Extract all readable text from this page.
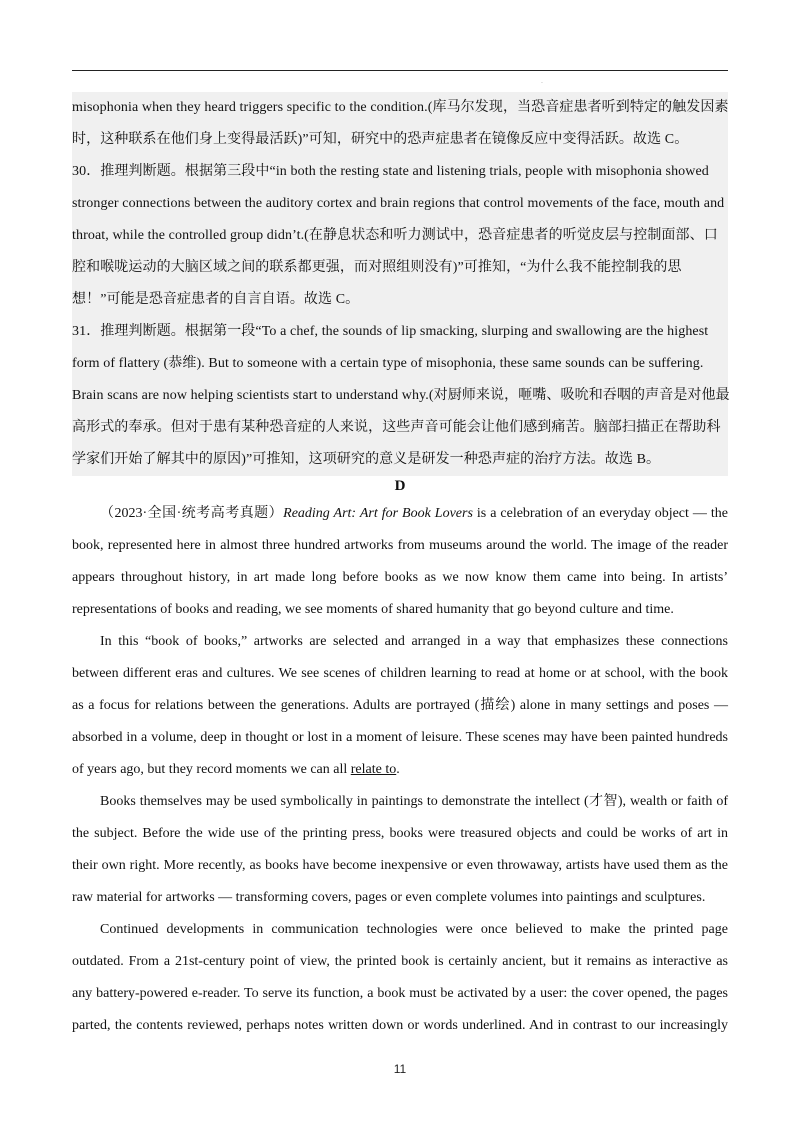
.

misophonia when they heard triggers specific to the condition.(库马尔发现，当恐音症患者听到特定的触发因素

时，这种联系在他们身上变得最活跃)”可知，研究中的恐声症患者在镜像反应中变得活跃。故选 C。

30．推理判断题。根据第三段中“in both the resting state and listening trials, people with misophonia showed

stronger connections between the auditory cortex and brain regions that control movements of the face, mouth and

throat, while the controlled group didn’t.(在静息状态和听力测试中，恐音症患者的听觉皮层与控制面部、口

腔和喉咙运动的大脑区域之间的联系都更强，而对照组则没有)”可推知，“为什么我不能控制我的思

想！”可能是恐音症患者的自言自语。故选 C。

31．推理判断题。根据第一段“To a chef, the sounds of lip smacking, slurping and swallowing are the highest

form of flattery (恭维). But to someone with a certain type of misophonia, these same sounds can be suffering.

Brain scans are now helping scientists start to understand why.(对厨师来说，咂嘴、吸吮和吞咽的声音是对他最

高形式的奉承。但对于患有某种恐音症的人来说，这些声音可能会让他们感到痛苦。脑部扫描正在帮助科

学家们开始了解其中的原因)”可推知，这项研究的意义是研发一种恐声症的治疗方法。故选 B。

D
（2023·全国·统考高考真题）Reading Art: Art for Book Lovers is a celebration of an everyday object — the
book, represented here in almost three hundred artworks from museums around the world. The image of the reader
appears throughout history, in art made long before books as we now know them came into being. In artists’
representations of books and reading, we see moments of shared humanity that go beyond culture and time.
In this “book of books,” artworks are selected and arranged in a way that emphasizes these connections
between different eras and cultures. We see scenes of children learning to read at home or at school, with the book
as a focus for relations between the generations. Adults are portrayed (描绘) alone in many settings and poses —
absorbed in a volume, deep in thought or lost in a moment of leisure. These scenes may have been painted hundreds
of years ago, but they record moments we can all relate to.
Books themselves may be used symbolically in paintings to demonstrate the intellect (才智), wealth or faith of
the subject. Before the wide use of the printing press, books were treasured objects and could be works of art in
their own right. More recently, as books have become inexpensive or even throwaway, artists have used them as the
raw material for artworks — transforming covers, pages or even complete volumes into paintings and sculptures.
Continued developments in communication technologies were once believed to make the printed page
outdated. From a 21st-century point of view, the printed book is certainly ancient, but it remains as interactive as
any battery-powered e-reader. To serve its function, a book must be activated by a user: the cover opened, the pages
parted, the contents reviewed, perhaps notes written down or words underlined. And in contrast to our increasingly
11
